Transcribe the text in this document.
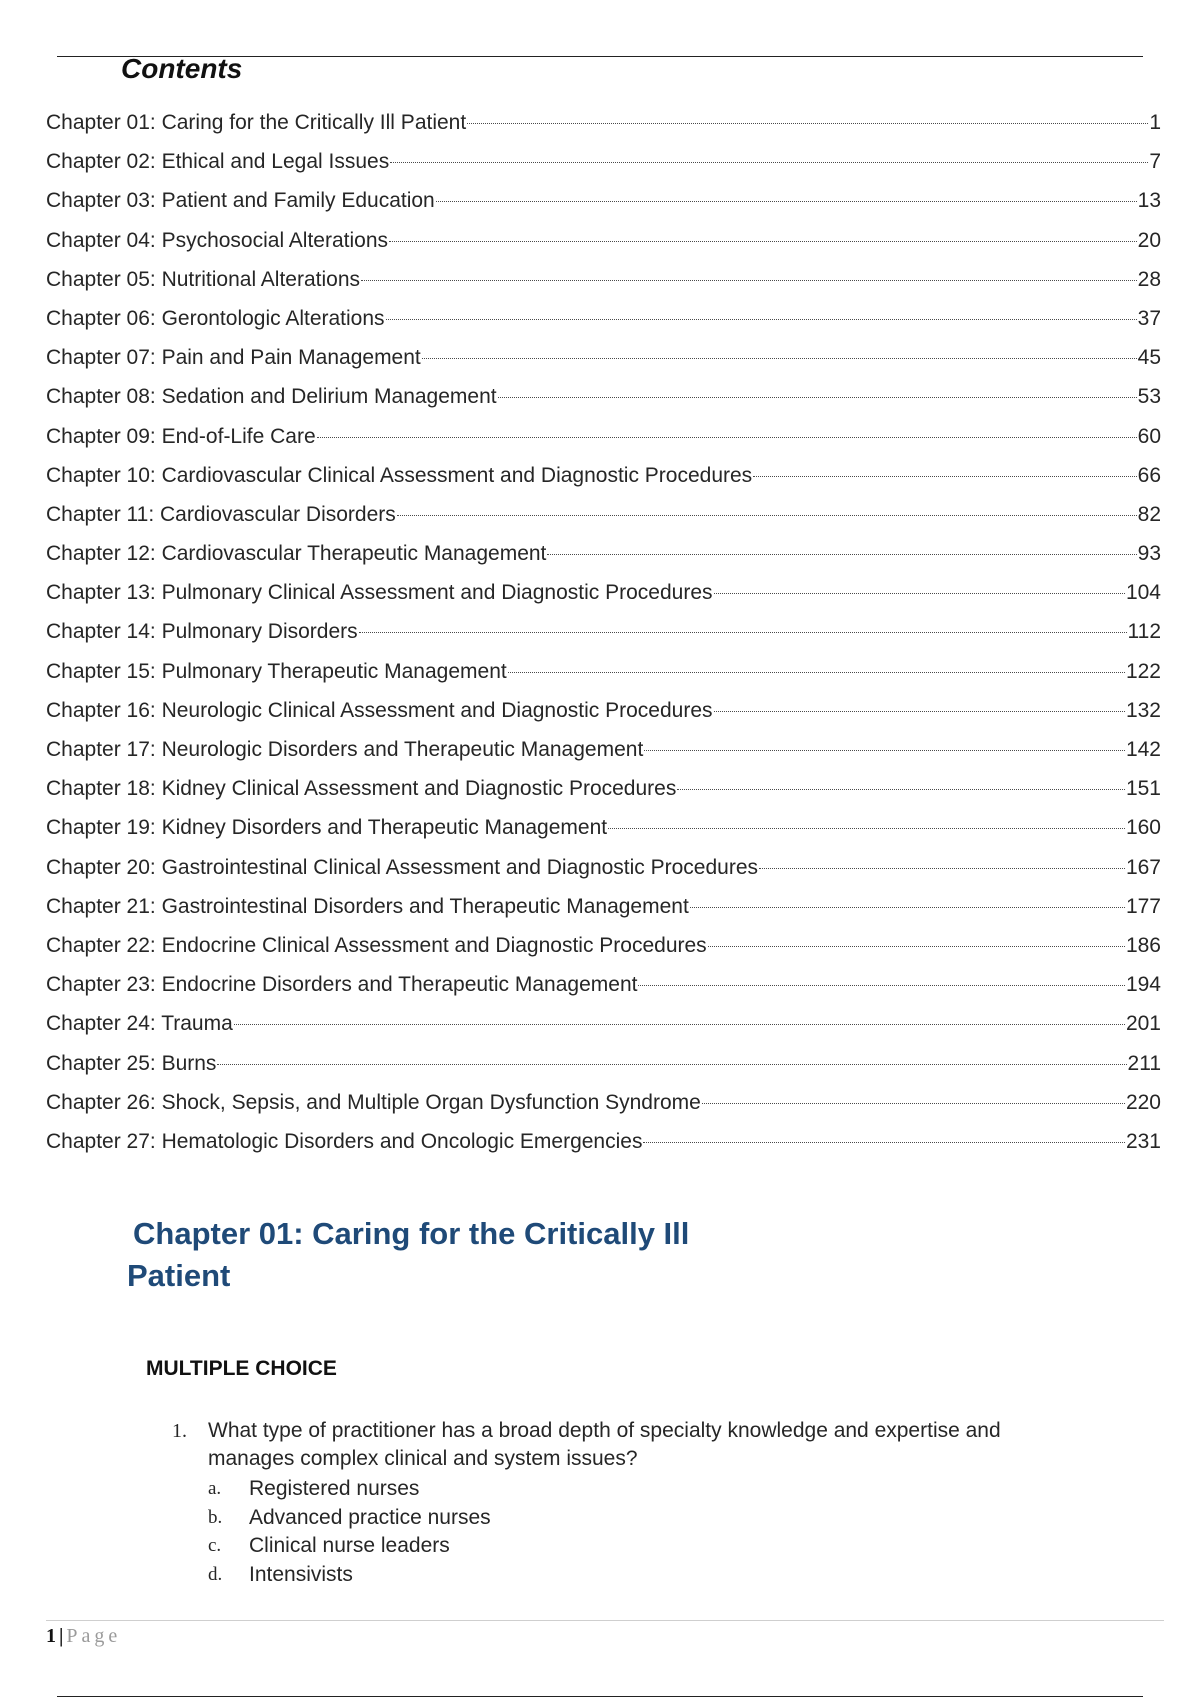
Contents
Chapter 01: Caring for the Critically Ill Patient	1
Chapter 02: Ethical and Legal Issues	7
Chapter 03: Patient and Family Education	13
Chapter 04: Psychosocial Alterations	20
Chapter 05: Nutritional Alterations	28
Chapter 06: Gerontologic Alterations	37
Chapter 07: Pain and Pain Management	45
Chapter 08: Sedation and Delirium Management	53
Chapter 09: End-of-Life Care	60
Chapter 10: Cardiovascular Clinical Assessment and Diagnostic Procedures	66
Chapter 11: Cardiovascular Disorders	82
Chapter 12: Cardiovascular Therapeutic Management	93
Chapter 13: Pulmonary Clinical Assessment and Diagnostic Procedures	104
Chapter 14: Pulmonary Disorders	112
Chapter 15: Pulmonary Therapeutic Management	122
Chapter 16: Neurologic Clinical Assessment and Diagnostic Procedures	132
Chapter 17: Neurologic Disorders and Therapeutic Management	142
Chapter 18: Kidney Clinical Assessment and Diagnostic Procedures	151
Chapter 19: Kidney Disorders and Therapeutic Management	160
Chapter 20: Gastrointestinal Clinical Assessment and Diagnostic Procedures	167
Chapter 21: Gastrointestinal Disorders and Therapeutic Management	177
Chapter 22: Endocrine Clinical Assessment and Diagnostic Procedures	186
Chapter 23: Endocrine Disorders and Therapeutic Management	194
Chapter 24: Trauma	201
Chapter 25: Burns	211
Chapter 26: Shock, Sepsis, and Multiple Organ Dysfunction Syndrome	220
Chapter 27: Hematologic Disorders and Oncologic Emergencies	231
Chapter 01: Caring for the Critically Ill
Patient
MULTIPLE CHOICE
1.	What type of practitioner has a broad depth of specialty knowledge and expertise and manages complex clinical and system issues?
a.	Registered nurses
b.	Advanced practice nurses
c.	Clinical nurse leaders
d.	Intensivists
1 | Page
